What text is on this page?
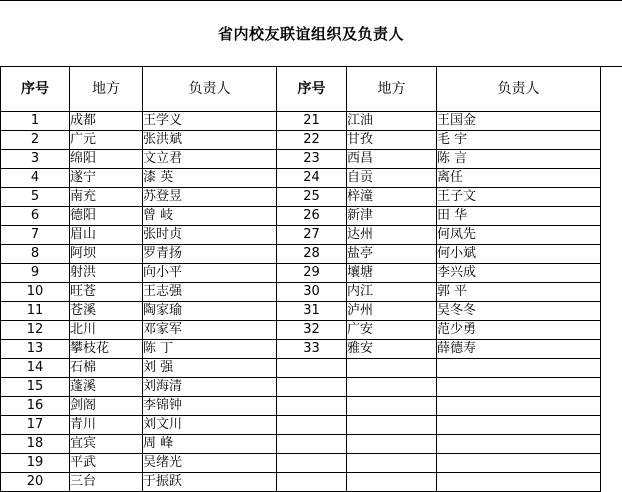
省内校友联谊组织及负责人
序号	地方	负责人	序号	地方	负责人
1	成都	王学义	21	江油	王国金
2	广元	张洪斌	22	甘孜	毛 宇
3	绵阳	文立君	23	西昌	陈 言
4	遂宁	漆 英	24	自贡	离任
5	南充	苏登昱	25	梓潼	王子文
6	德阳	曾 岐	26	新津	田 华
7	眉山	张时贞	27	达州	何凤先
8	阿坝	罗青扬	28	盐亭	何小斌
9	射洪	向小平	29	壤塘	李兴成
10	旺苍	王志强	30	内江	郭 平
11	苍溪	陶家瑜	31	泸州	吴冬冬
12	北川	邓家军	32	广安	范少勇
13	攀枝花	陈 丁	33	雅安	薛德寿
14	石棉	刘 强			
15	蓬溪	刘海清			
16	剑阁	李锦钟			
17	青川	刘文川			
18	宜宾	周 峰			
19	平武	吴绪光			
20	三台	于振跃			
